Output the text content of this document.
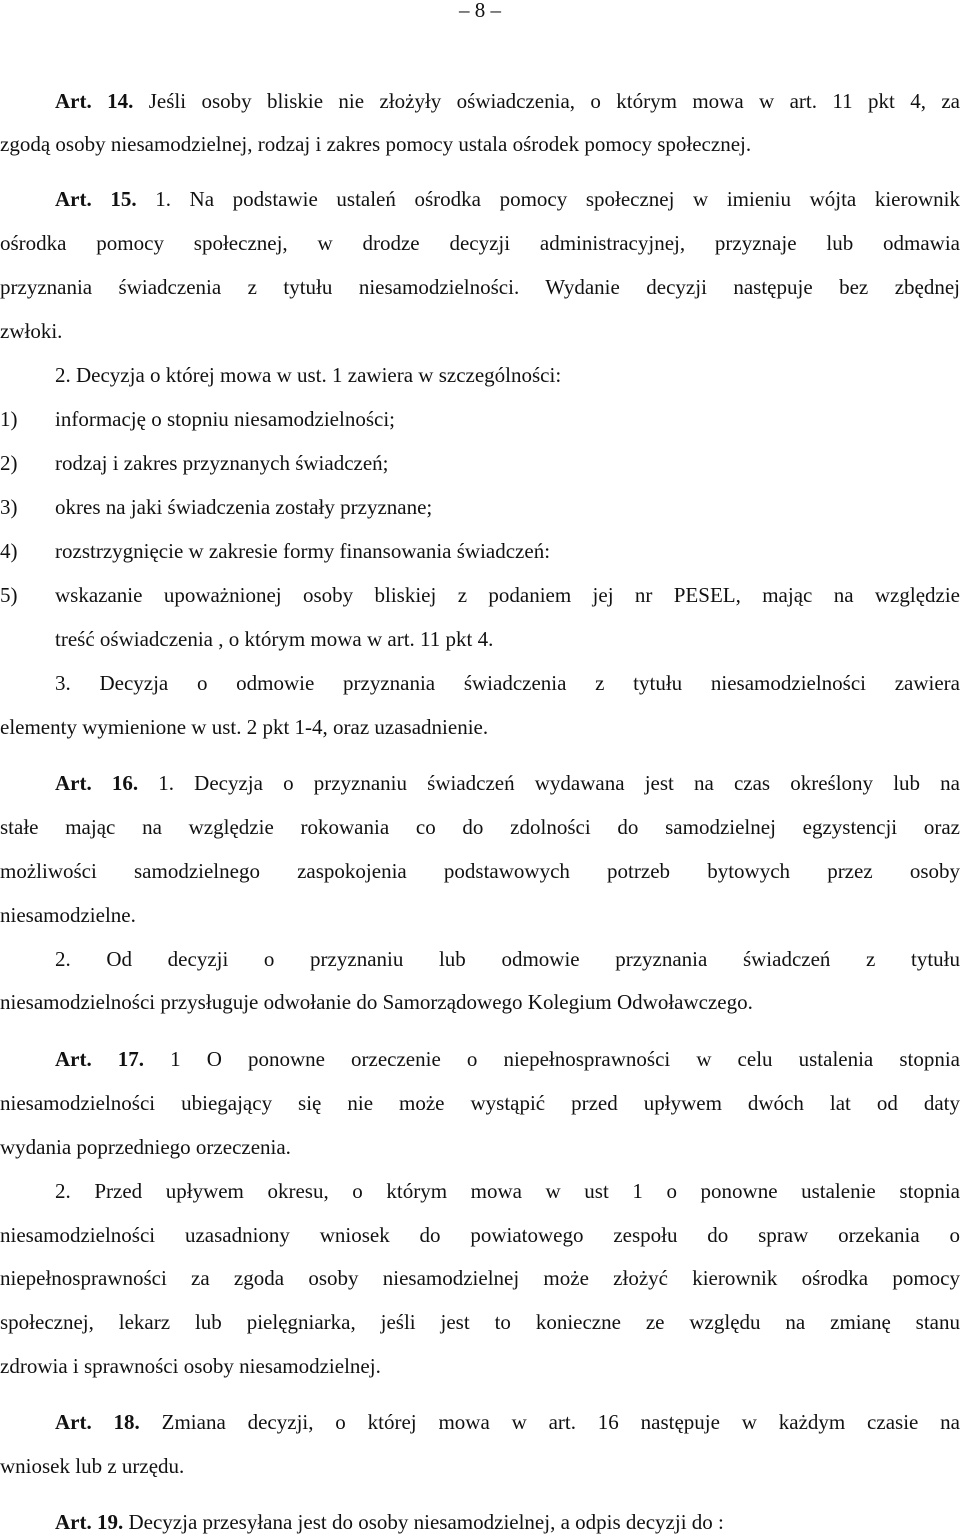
– 8 –
Art. 14. Jeśli osoby bliskie nie złożyły oświadczenia, o którym mowa w art. 11 pkt 4, za
zgodą osoby niesamodzielnej, rodzaj i zakres pomocy ustala ośrodek pomocy społecznej.
Art. 15. 1. Na podstawie ustaleń ośrodka pomocy społecznej w imieniu wójta kierownik
ośrodka pomocy społecznej, w drodze decyzji administracyjnej, przyznaje lub odmawia
przyznania świadczenia z tytułu niesamodzielności. Wydanie decyzji następuje bez zbędnej
zwłoki.
2. Decyzja o której mowa w ust. 1 zawiera w szczególności:
1) informację o stopniu niesamodzielności;
2) rodzaj i zakres przyznanych świadczeń;
3) okres na jaki świadczenia zostały przyznane;
4) rozstrzygnięcie w zakresie formy finansowania świadczeń:
5) wskazanie upoważnionej osoby bliskiej z podaniem jej nr PESEL, mając na względzie
treść oświadczenia , o którym mowa w art. 11 pkt 4.
3. Decyzja o odmowie przyznania świadczenia z tytułu niesamodzielności zawiera
elementy wymienione w ust. 2 pkt 1-4, oraz uzasadnienie.
Art. 16. 1. Decyzja o przyznaniu świadczeń wydawana jest na czas określony lub na
stałe mając na względzie rokowania co do zdolności do samodzielnej egzystencji oraz
możliwości samodzielnego zaspokojenia podstawowych potrzeb bytowych przez osoby
niesamodzielne.
2. Od decyzji o przyznaniu lub odmowie przyznania świadczeń z tytułu
niesamodzielności przysługuje odwołanie do Samorządowego Kolegium Odwoławczego.
Art. 17. 1 O ponowne orzeczenie o niepełnosprawności w celu ustalenia stopnia
niesamodzielności ubiegający się nie może wystąpić przed upływem dwóch lat od daty
wydania poprzedniego orzeczenia.
2. Przed upływem okresu, o którym mowa w ust 1 o ponowne ustalenie stopnia
niesamodzielności uzasadniony wniosek do powiatowego zespołu do spraw orzekania o
niepełnosprawności za zgoda osoby niesamodzielnej może złożyć kierownik ośrodka pomocy
społecznej, lekarz lub pielęgniarka, jeśli jest to konieczne ze względu na zmianę stanu
zdrowia i sprawności osoby niesamodzielnej.
Art. 18. Zmiana decyzji, o której mowa w art. 16 następuje w każdym czasie na
wniosek lub z urzędu.
Art. 19. Decyzja przesyłana jest do osoby niesamodzielnej, a odpis decyzji do :
